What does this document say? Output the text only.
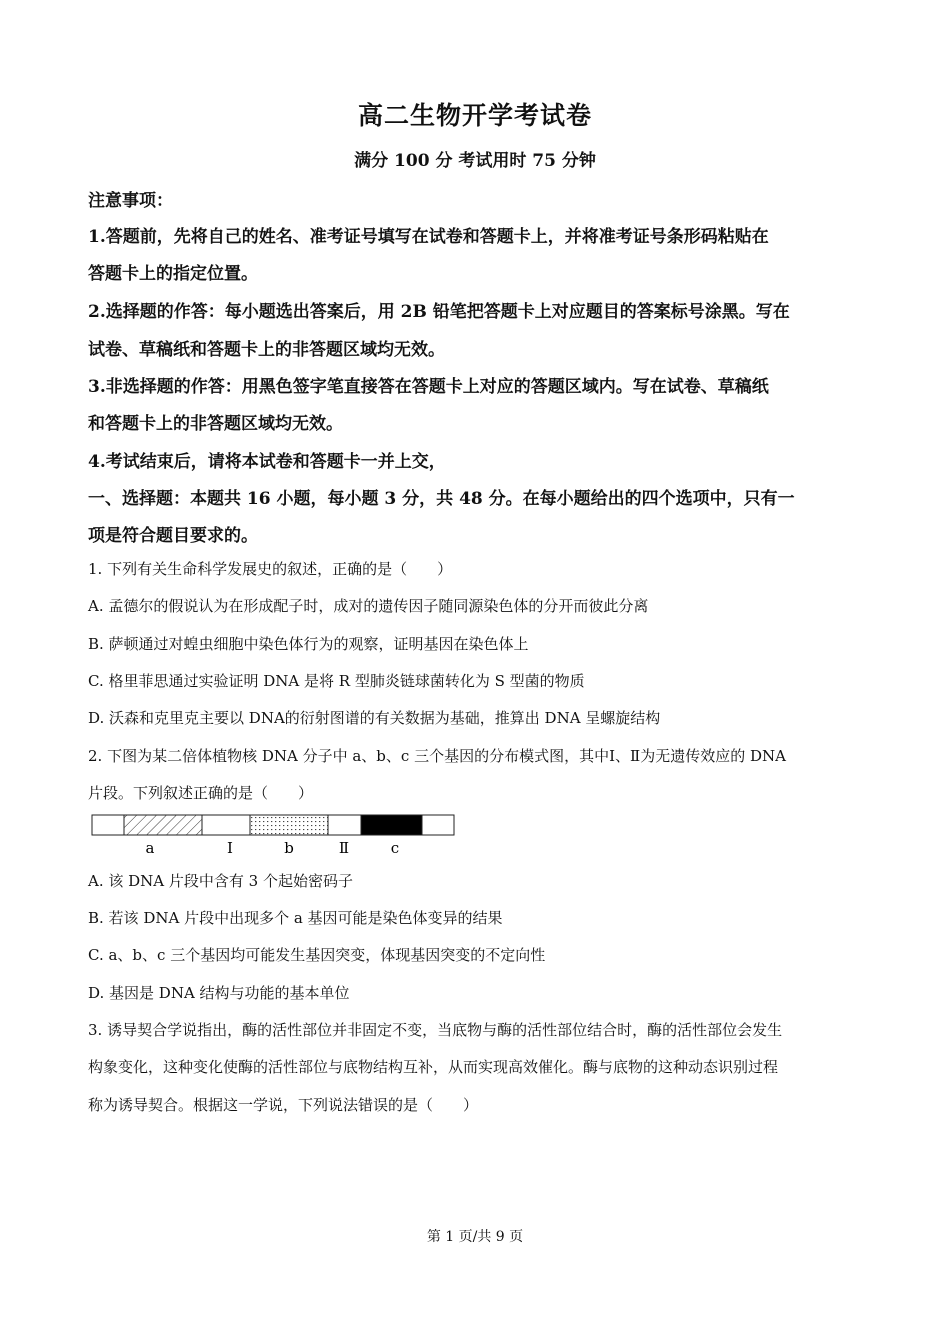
高二生物开学考试卷
满分 100 分 考试用时 75 分钟
注意事项：
1.答题前，先将自己的姓名、准考证号填写在试卷和答题卡上，并将准考证号条形码粘贴在
答题卡上的指定位置。
2.选择题的作答：每小题选出答案后，用 2B 铅笔把答题卡上对应题目的答案标号涂黑。写在
试卷、草稿纸和答题卡上的非答题区域均无效。
3.非选择题的作答：用黑色签字笔直接答在答题卡上对应的答题区域内。写在试卷、草稿纸
和答题卡上的非答题区域均无效。
4.考试结束后，请将本试卷和答题卡一并上交，
一、选择题：本题共 16 小题，每小题 3 分，共 48 分。在每小题给出的四个选项中，只有一
项是符合题目要求的。
1. 下列有关生命科学发展史的叙述，正确的是（　　）
A. 孟德尔的假说认为在形成配子时，成对的遗传因子随同源染色体的分开而彼此分离
B. 萨顿通过对蝗虫细胞中染色体行为的观察，证明基因在染色体上
C. 格里菲思通过实验证明 DNA 是将 R 型肺炎链球菌转化为 S 型菌的物质
D. 沃森和克里克主要以 DNA的衍射图谱的有关数据为基础，推算出 DNA 呈螺旋结构
2. 下图为某二倍体植物核 DNA 分子中 a、b、c 三个基因的分布模式图，其中Ⅰ、Ⅱ为无遗传效应的 DNA
片段。下列叙述正确的是（　　）
a	Ⅰ	b	Ⅱ	c
A. 该 DNA 片段中含有 3 个起始密码子
B. 若该 DNA 片段中出现多个 a 基因可能是染色体变异的结果
C. a、b、c 三个基因均可能发生基因突变，体现基因突变的不定向性
D. 基因是 DNA 结构与功能的基本单位
3. 诱导契合学说指出，酶的活性部位并非固定不变，当底物与酶的活性部位结合时，酶的活性部位会发生
构象变化，这种变化使酶的活性部位与底物结构互补，从而实现高效催化。酶与底物的这种动态识别过程
称为诱导契合。根据这一学说，下列说法错误的是（　　）
第 1 页/共 9 页
